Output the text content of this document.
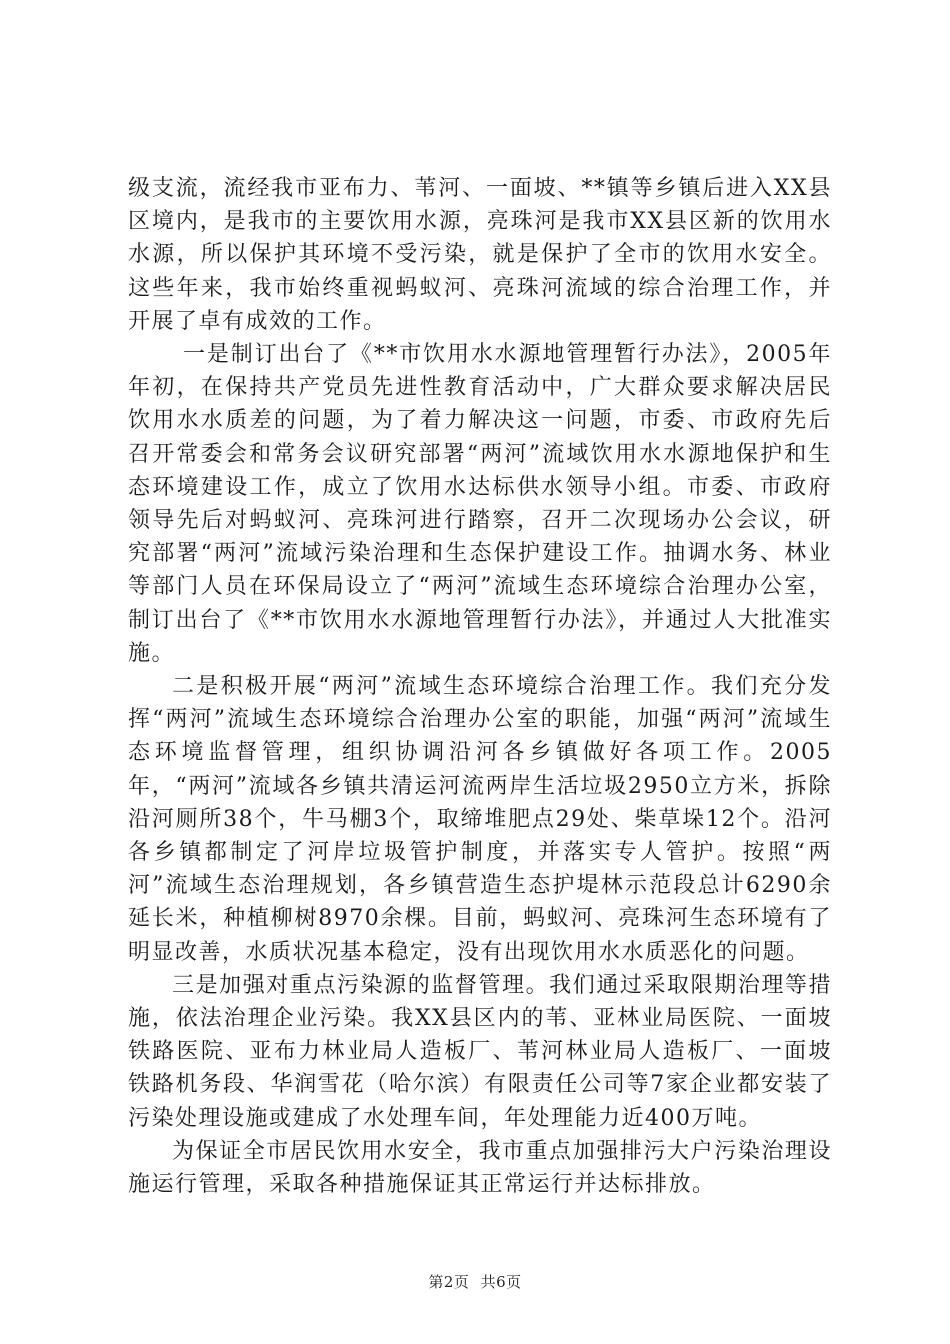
级支流，流经我市亚布力、苇河、一面坡、**镇等乡镇后进入XX县区境内，是我市的主要饮用水源，亮珠河是我市XX县区新的饮用水水源，所以保护其环境不受污染，就是保护了全市的饮用水安全。这些年来，我市始终重视蚂蚁河、亮珠河流域的综合治理工作，并开展了卓有成效的工作。

一是制订出台了《**市饮用水水源地管理暂行办法》，2005年年初，在保持共产党员先进性教育活动中，广大群众要求解决居民饮用水水质差的问题，为了着力解决这一问题，市委、市政府先后召开常委会和常务会议研究部署“两河”流域饮用水水源地保护和生态环境建设工作，成立了饮用水达标供水领导小组。市委、市政府领导先后对蚂蚁河、亮珠河进行踏察，召开二次现场办公会议，研究部署“两河”流域污染治理和生态保护建设工作。抽调水务、林业等部门人员在环保局设立了“两河”流域生态环境综合治理办公室，制订出台了《**市饮用水水源地管理暂行办法》，并通过人大批准实施。

二是积极开展“两河”流域生态环境综合治理工作。我们充分发挥“两河”流域生态环境综合治理办公室的职能，加强“两河”流域生态环境监督管理，组织协调沿河各乡镇做好各项工作。2005年，“两河”流域各乡镇共清运河流两岸生活垃圾2950立方米，拆除沿河厕所38个，牛马棚3个，取缔堆肥点29处、柴草垛12个。沿河各乡镇都制定了河岸垃圾管护制度，并落实专人管护。按照“两河”流域生态治理规划，各乡镇营造生态护堤林示范段总计6290余延长米，种植柳树8970余棵。目前，蚂蚁河、亮珠河生态环境有了明显改善，水质状况基本稳定，没有出现饮用水水质恶化的问题。

三是加强对重点污染源的监督管理。我们通过采取限期治理等措施，依法治理企业污染。我XX县区内的苇、亚林业局医院、一面坡铁路医院、亚布力林业局人造板厂、苇河林业局人造板厂、一面坡铁路机务段、华润雪花（哈尔滨）有限责任公司等7家企业都安装了污染处理设施或建成了水处理车间，年处理能力近400万吨。

为保证全市居民饮用水安全，我市重点加强排污大户污染治理设施运行管理，采取各种措施保证其正常运行并达标排放。

第2页 共6页
